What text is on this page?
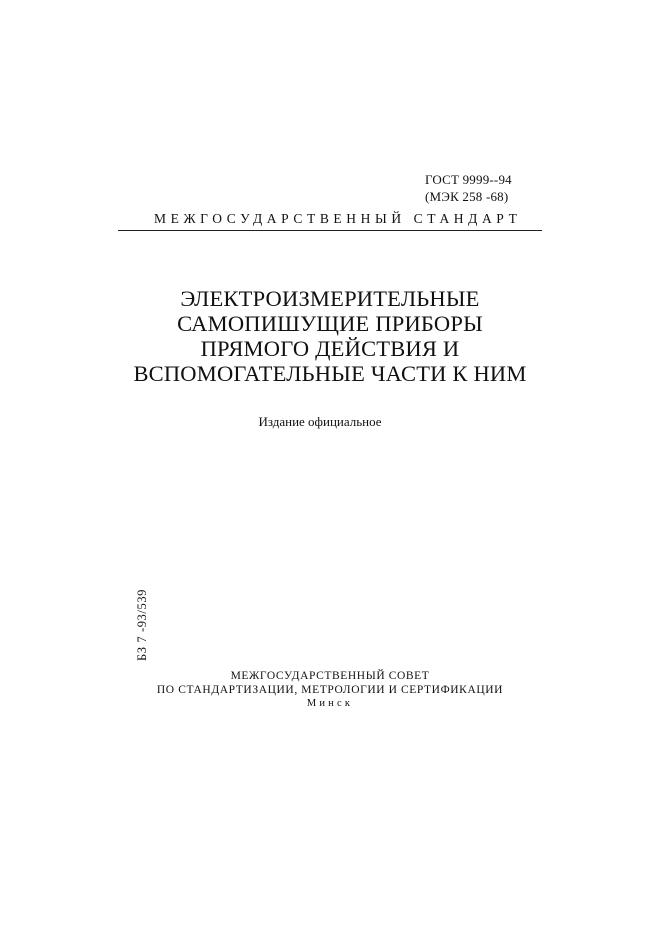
ГОСТ 9999--94
(МЭК 258 -68)
МЕЖГОСУДАРСТВЕННЫЙ СТАНДАРТ
ЭЛЕКТРОИЗМЕРИТЕЛЬНЫЕ
САМОПИШУЩИЕ ПРИБОРЫ
ПРЯМОГО ДЕЙСТВИЯ И
ВСПОМОГАТЕЛЬНЫЕ ЧАСТИ К НИМ
Издание официальное
БЗ 7 -93/539
МЕЖГОСУДАРСТВЕННЫЙ СОВЕТ
ПО СТАНДАРТИЗАЦИИ, МЕТРОЛОГИИ И СЕРТИФИКАЦИИ
Минск
